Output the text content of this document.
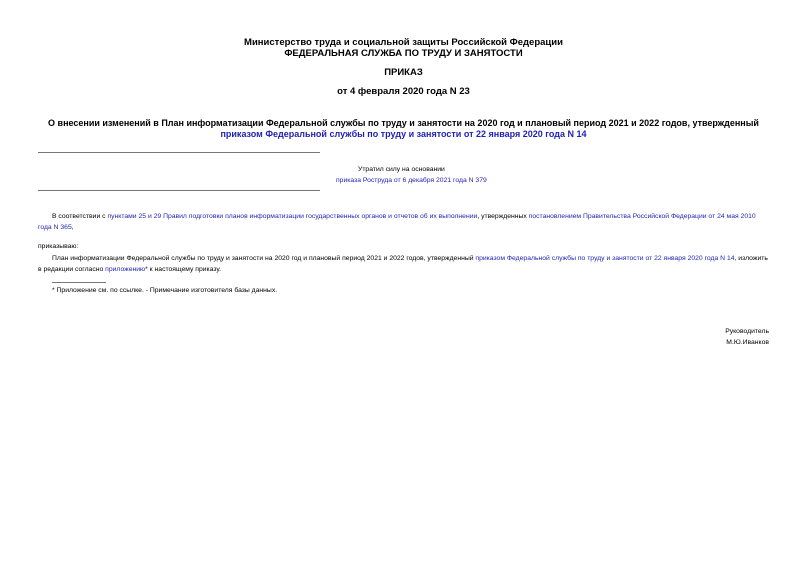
Министерство труда и социальной защиты Российской Федерации
ФЕДЕРАЛЬНАЯ СЛУЖБА ПО ТРУДУ И ЗАНЯТОСТИ
ПРИКАЗ
от 4 февраля 2020 года N 23
О внесении изменений в План информатизации Федеральной службы по труду и занятости на 2020 год и плановый период 2021 и 2022 годов, утвержденный
приказом Федеральной службы по труду и занятости от 22 января 2020 года N 14
Утратил силу на основании
приказа Роструда от 6 декабря 2021 года N 379
В соответствии с пунктами 25 и 29 Правил подготовки планов информатизации государственных органов и отчетов об их выполнении, утвержденных постановлением Правительства Российской Федерации от 24 мая 2010 года N 365,
приказываю:
План информатизации Федеральной службы по труду и занятости на 2020 год и плановый период 2021 и 2022 годов, утвержденный приказом Федеральной службы по труду и занятости от 22 января 2020 года N 14, изложить в редакции согласно приложению* к настоящему приказу.
* Приложение см. по ссылке. - Примечание изготовителя базы данных.
Руководитель
М.Ю.Иванков
